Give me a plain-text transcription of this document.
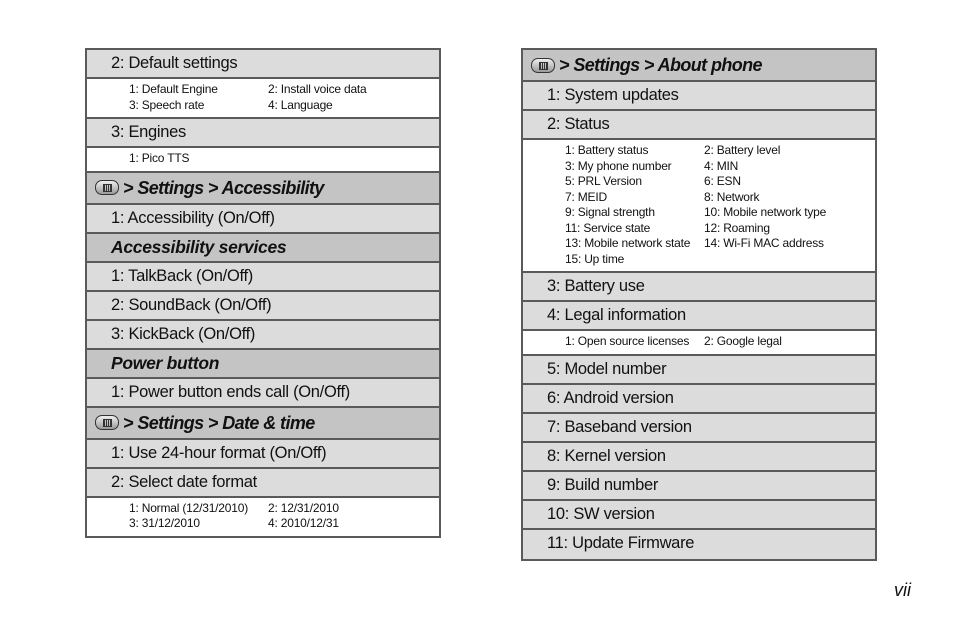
2: Default settings
1: Default Engine	2: Install voice data
3: Speech rate	4: Language
3: Engines
1: Pico TTS
> Settings > Accessibility
1: Accessibility (On/Off)
Accessibility services
1: TalkBack (On/Off)
2: SoundBack (On/Off)
3: KickBack (On/Off)
Power button
1: Power button ends call (On/Off)
> Settings > Date & time
1: Use 24-hour format (On/Off)
2: Select date format
1: Normal (12/31/2010)	2: 12/31/2010
3: 31/12/2010	4: 2010/12/31
> Settings > About phone
1: System updates
2: Status
1: Battery status	2: Battery level
3: My phone number	4: MIN
5: PRL Version	6: ESN
7: MEID	8: Network
9: Signal strength	10: Mobile network type
11: Service state	12: Roaming
13: Mobile network state	14: Wi-Fi MAC address
15: Up time
3: Battery use
4: Legal information
1: Open source licenses	2: Google legal
5: Model number
6: Android version
7: Baseband version
8: Kernel version
9: Build number
10: SW version
11: Update Firmware
vii
